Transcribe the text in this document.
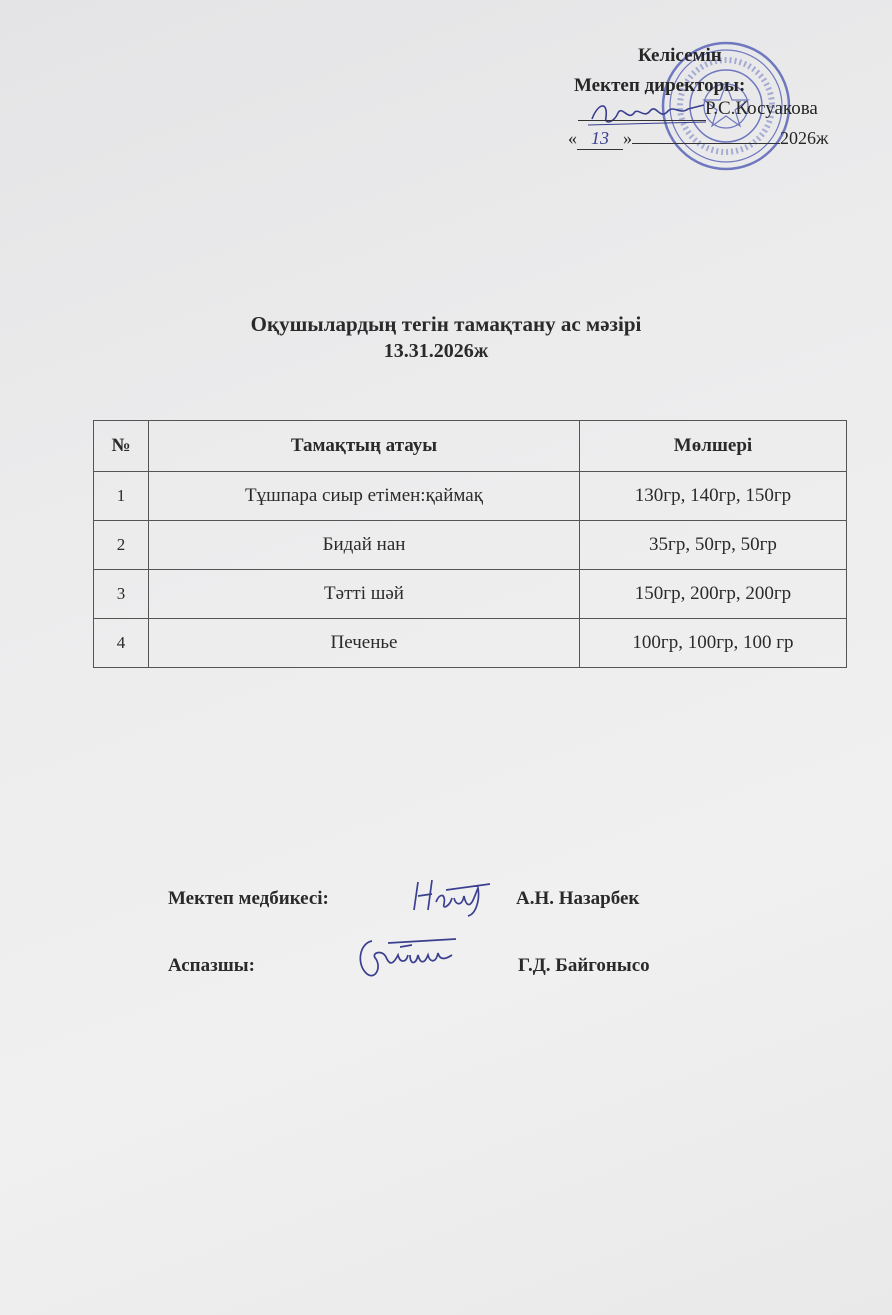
Келісемін
Мектеп директоры:
Р.С.Косуакова
« 13 »	2026ж
Оқушылардың тегін тамақтану ас мәзірі
13.31.2026ж
№	Тамақтың атауы	Мөлшері
1	Тұшпара сиыр етімен:қаймақ	130гр, 140гр, 150гр
2	Бидай нан	35гр, 50гр, 50гр
3	Тәтті шәй	150гр, 200гр, 200гр
4	Печенье	100гр, 100гр, 100 гр
Мектеп медбикесі:	А.Н. Назарбек
Аспазшы:	Г.Д. Байгонысо
